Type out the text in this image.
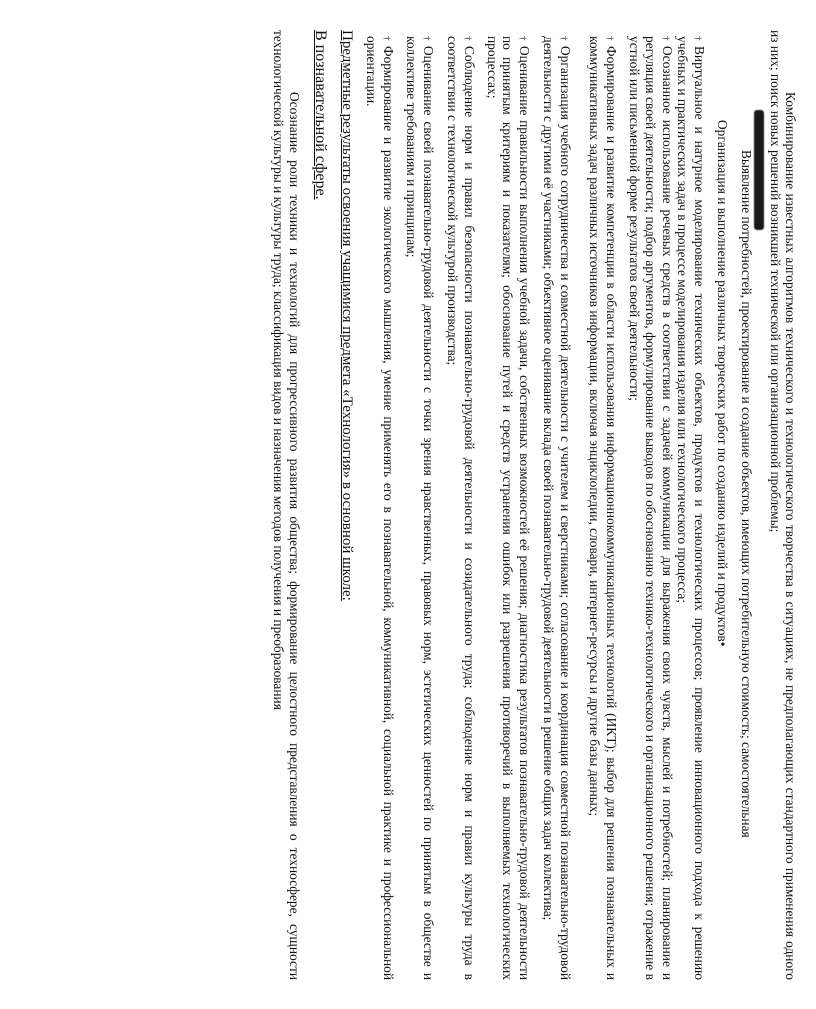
Комбинирование известных алгоритмов технического и технологического творчества в ситуациях, не предполагающих стандартного применения одного из них; поиск новых решений возникшей технической или организационной проблемы;

Выявление потребностей, проектирование и создание объектов, имеющих потребительную стоимость; самостоятельная

Организация и выполнение различных творческих работ по созданию изделий и продуктов•

†Виртуальное и натурное моделирование технических объектов, продуктов и технологических процессов; проявление инновационного подхода к решению учебных и практических задач в процессе моделирования изделия или технологического процесса;

†Осознанное использование речевых средств в соответствии с задачей коммуникации для выражения своих чувств, мыслей и потребностей; планирование и регуляция своей деятельности; подбор аргументов, формулирование выводов по обоснованию технико-технологического и организационного решения; отражение в устной или письменной форме результатов своей деятельности;

†Формирование и развитие компетенции в области использования информационнокоммуникационных технологий (ИКТ); выбор для решения познавательных и коммуникативных задач различных источников информации, включая энциклопедии, словари, интернет-ресурсы и другие базы данных;

†Организация учебного сотрудничества и совместной деятельности с учителем и сверстниками; согласование и координация совместной познавательно-трудовой деятельности с другими её участниками; объективное оценивание вклада своей познавательно-трудовой деятельности в решение общих задач коллектива;

†Оценивание правильности выполнения учебной задачи, собственных возможностей её решения; диагностика результатов познавательно-трудовой деятельности по принятым критериям и показателям; обоснование путей и средств устранения ошибок или разрешения противоречий в выполняемых технологических процессах;

†Соблюдение норм и правил безопасности познавательно-трудовой деятельности и созидательного труда; соблюдение норм и правил культуры труда в соответствии с технологической культурой производства;

†Оценивание своей познавательно-трудовой деятельности с точки зрения нравственных, правовых норм, эстетических ценностей по принятым в обществе и коллективе требованиям и принципам;

†Формирование и развитие экологического мышления, умение применять его в познавательной, коммуникативной, социальной практике и профессиональной ориентации.

Предметные результаты освоения учащимися предмета «Технология» в основной школе:

В познавательной сфере.

Осознание роли техники и технологий для прогрессивного развития общества; формирование целостного представления о техносфере, сущности технологической культуры и культуры труда; классификация видов и назначения методов получения и преобразования
